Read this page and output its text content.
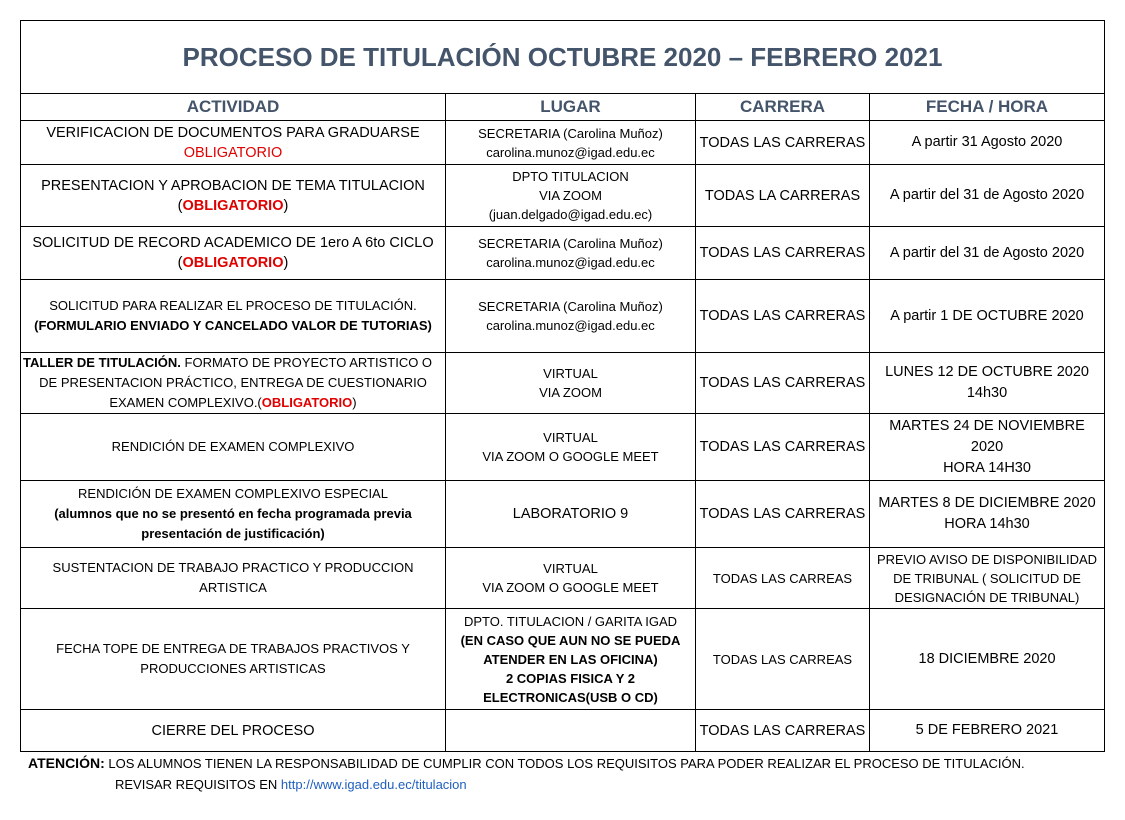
PROCESO DE TITULACIÓN OCTUBRE 2020 – FEBRERO 2021			
ACTIVIDAD	LUGAR	CARRERA	FECHA / HORA

VERIFICACION DE DOCUMENTOS PARA GRADUARSE
OBLIGATORIO	SECRETARIA (Carolina Muñoz)
carolina.munoz@igad.edu.ec	TODAS LAS CARRERAS	A partir 31 Agosto 2020

PRESENTACION Y APROBACION DE TEMA TITULACION
(OBLIGATORIO)	DPTO TITULACION
VIA ZOOM
(juan.delgado@igad.edu.ec)	TODAS LA CARRERAS	A partir del 31 de Agosto 2020

SOLICITUD DE RECORD ACADEMICO DE 1ero A 6to CICLO
(OBLIGATORIO)	SECRETARIA (Carolina Muñoz)
carolina.munoz@igad.edu.ec	TODAS LAS CARRERAS	A partir del 31 de Agosto 2020

SOLICITUD PARA REALIZAR EL PROCESO DE TITULACIÓN.
(FORMULARIO ENVIADO Y CANCELADO VALOR DE TUTORIAS)	SECRETARIA (Carolina Muñoz)
carolina.munoz@igad.edu.ec	TODAS LAS CARRERAS	A partir 1 DE OCTUBRE 2020

TALLER DE TITULACIÓN. FORMATO DE PROYECTO ARTISTICO O
DE PRESENTACION PRÁCTICO, ENTREGA DE CUESTIONARIO
EXAMEN COMPLEXIVO.(OBLIGATORIO)	VIRTUAL
VIA ZOOM	TODAS LAS CARRERAS	LUNES 12 DE OCTUBRE 2020
14h30

RENDICIÓN DE EXAMEN COMPLEXIVO	VIRTUAL
VIA ZOOM O GOOGLE MEET	TODAS LAS CARRERAS	MARTES 24 DE NOVIEMBRE
2020
HORA 14H30

RENDICIÓN DE EXAMEN COMPLEXIVO ESPECIAL
(alumnos que no se presentó en fecha programada previa
presentación de justificación)	LABORATORIO 9	TODAS LAS CARRERAS	MARTES 8 DE DICIEMBRE 2020
HORA 14h30

SUSTENTACION DE TRABAJO PRACTICO Y PRODUCCION
ARTISTICA	VIRTUAL
VIA ZOOM O GOOGLE MEET	TODAS LAS CARREAS	PREVIO AVISO DE DISPONIBILIDAD
DE TRIBUNAL ( SOLICITUD DE
DESIGNACIÓN DE TRIBUNAL)

FECHA TOPE DE ENTREGA DE TRABAJOS PRACTIVOS Y
PRODUCCIONES ARTISTICAS	DPTO. TITULACION / GARITA IGAD
(EN CASO QUE AUN NO SE PUEDA
ATENDER EN LAS OFICINA)
2 COPIAS FISICA Y 2
ELECTRONICAS(USB O CD)	TODAS LAS CARREAS	18 DICIEMBRE 2020
CIERRE DEL PROCESO		TODAS LAS CARRERAS	5 DE FEBRERO 2021
ATENCIÓN: LOS ALUMNOS TIENEN LA RESPONSABILIDAD DE CUMPLIR CON TODOS LOS REQUISITOS PARA PODER REALIZAR EL PROCESO DE TITULACIÓN.
REVISAR REQUISITOS EN http://www.igad.edu.ec/titulacion
